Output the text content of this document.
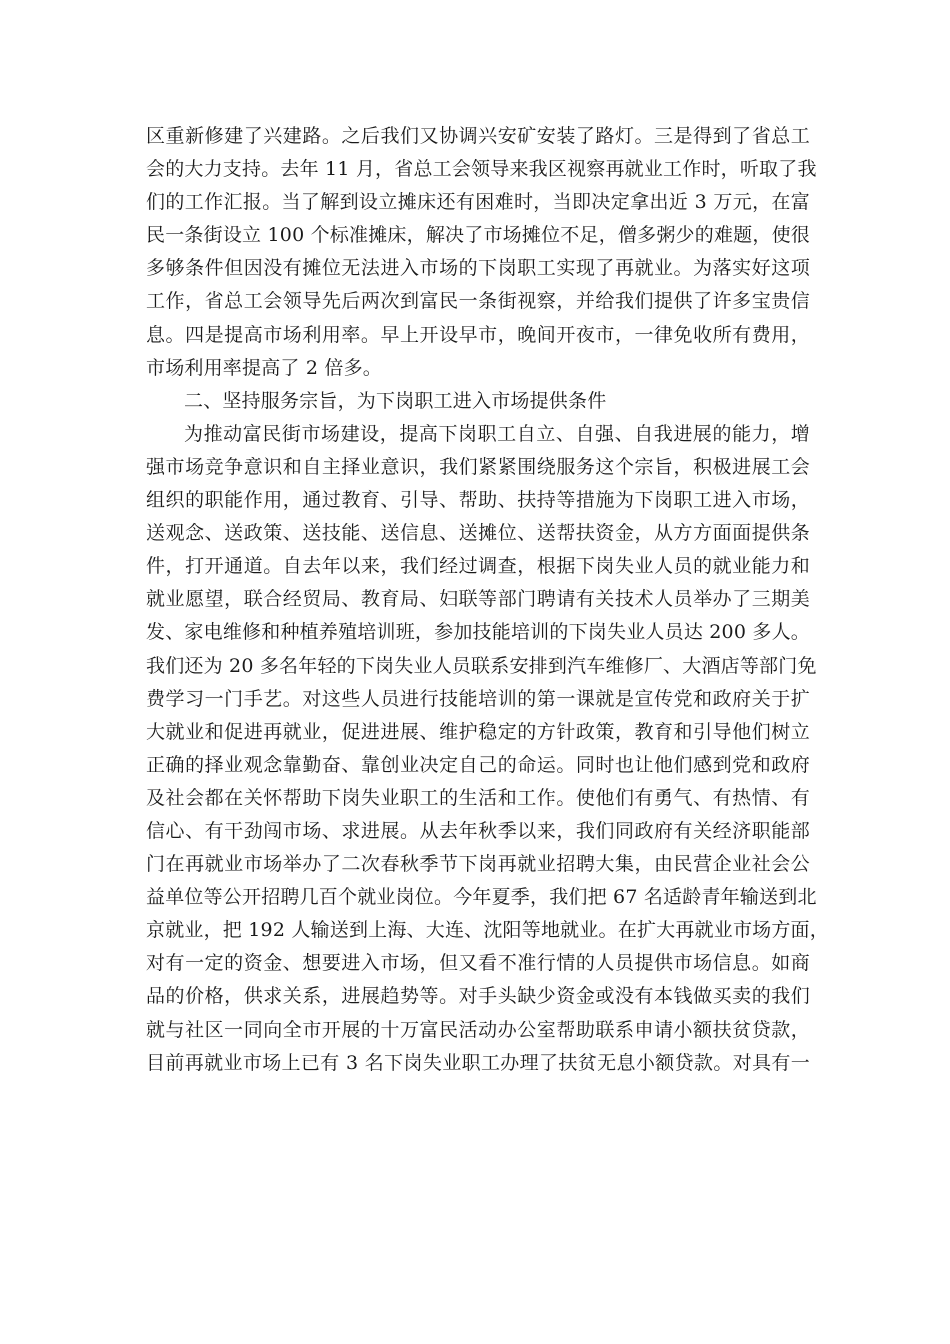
区重新修建了兴建路。之后我们又协调兴安矿安装了路灯。三是得到了省总工
会的大力支持。去年 11 月，省总工会领导来我区视察再就业工作时，听取了我
们的工作汇报。当了解到设立摊床还有困难时，当即决定拿出近 3 万元，在富
民一条街设立 100 个标准摊床，解决了市场摊位不足，僧多粥少的难题，使很
多够条件但因没有摊位无法进入市场的下岗职工实现了再就业。为落实好这项
工作，省总工会领导先后两次到富民一条街视察，并给我们提供了许多宝贵信
息。四是提高市场利用率。早上开设早市，晚间开夜市，一律免收所有费用，
市场利用率提高了 2 倍多。
二、坚持服务宗旨，为下岗职工进入市场提供条件
为推动富民街市场建设，提高下岗职工自立、自强、自我进展的能力，增
强市场竞争意识和自主择业意识，我们紧紧围绕服务这个宗旨，积极进展工会
组织的职能作用，通过教育、引导、帮助、扶持等措施为下岗职工进入市场，
送观念、送政策、送技能、送信息、送摊位、送帮扶资金，从方方面面提供条
件，打开通道。自去年以来，我们经过调查，根据下岗失业人员的就业能力和
就业愿望，联合经贸局、教育局、妇联等部门聘请有关技术人员举办了三期美
发、家电维修和种植养殖培训班，参加技能培训的下岗失业人员达 200 多人。
我们还为 20 多名年轻的下岗失业人员联系安排到汽车维修厂、大酒店等部门免
费学习一门手艺。对这些人员进行技能培训的第一课就是宣传党和政府关于扩
大就业和促进再就业，促进进展、维护稳定的方针政策，教育和引导他们树立
正确的择业观念靠勤奋、靠创业决定自己的命运。同时也让他们感到党和政府
及社会都在关怀帮助下岗失业职工的生活和工作。使他们有勇气、有热情、有
信心、有干劲闯市场、求进展。从去年秋季以来，我们同政府有关经济职能部
门在再就业市场举办了二次春秋季节下岗再就业招聘大集，由民营企业社会公
益单位等公开招聘几百个就业岗位。今年夏季，我们把 67 名适龄青年输送到北
京就业，把 192 人输送到上海、大连、沈阳等地就业。在扩大再就业市场方面，
对有一定的资金、想要进入市场，但又看不准行情的人员提供市场信息。如商
品的价格，供求关系，进展趋势等。对手头缺少资金或没有本钱做买卖的我们
就与社区一同向全市开展的十万富民活动办公室帮助联系申请小额扶贫贷款，
目前再就业市场上已有 3 名下岗失业职工办理了扶贫无息小额贷款。对具有一
